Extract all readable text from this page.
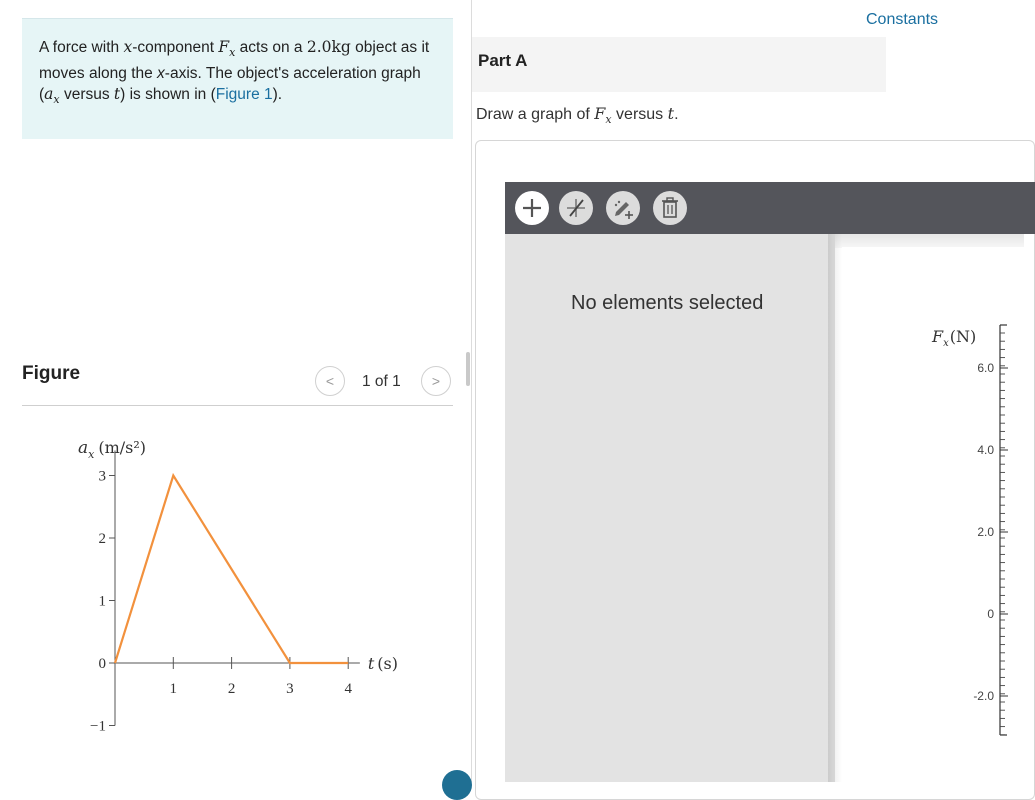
A force with x-component $F_x$ acts on a 2.0kg object as it moves along the x-axis. The object's acceleration graph ($a_x$ versus t) is shown in (Figure 1).
Figure	< 1 of 1 >
3
2
1
0
−1
1	2	3	4
$a_x$ (m/s²)
t (s)
Constants
Part A
Draw a graph of $F_x$ versus t.
No elements selected
6.0
4.0
2.0
0
-2.0
$F_x(N)$
